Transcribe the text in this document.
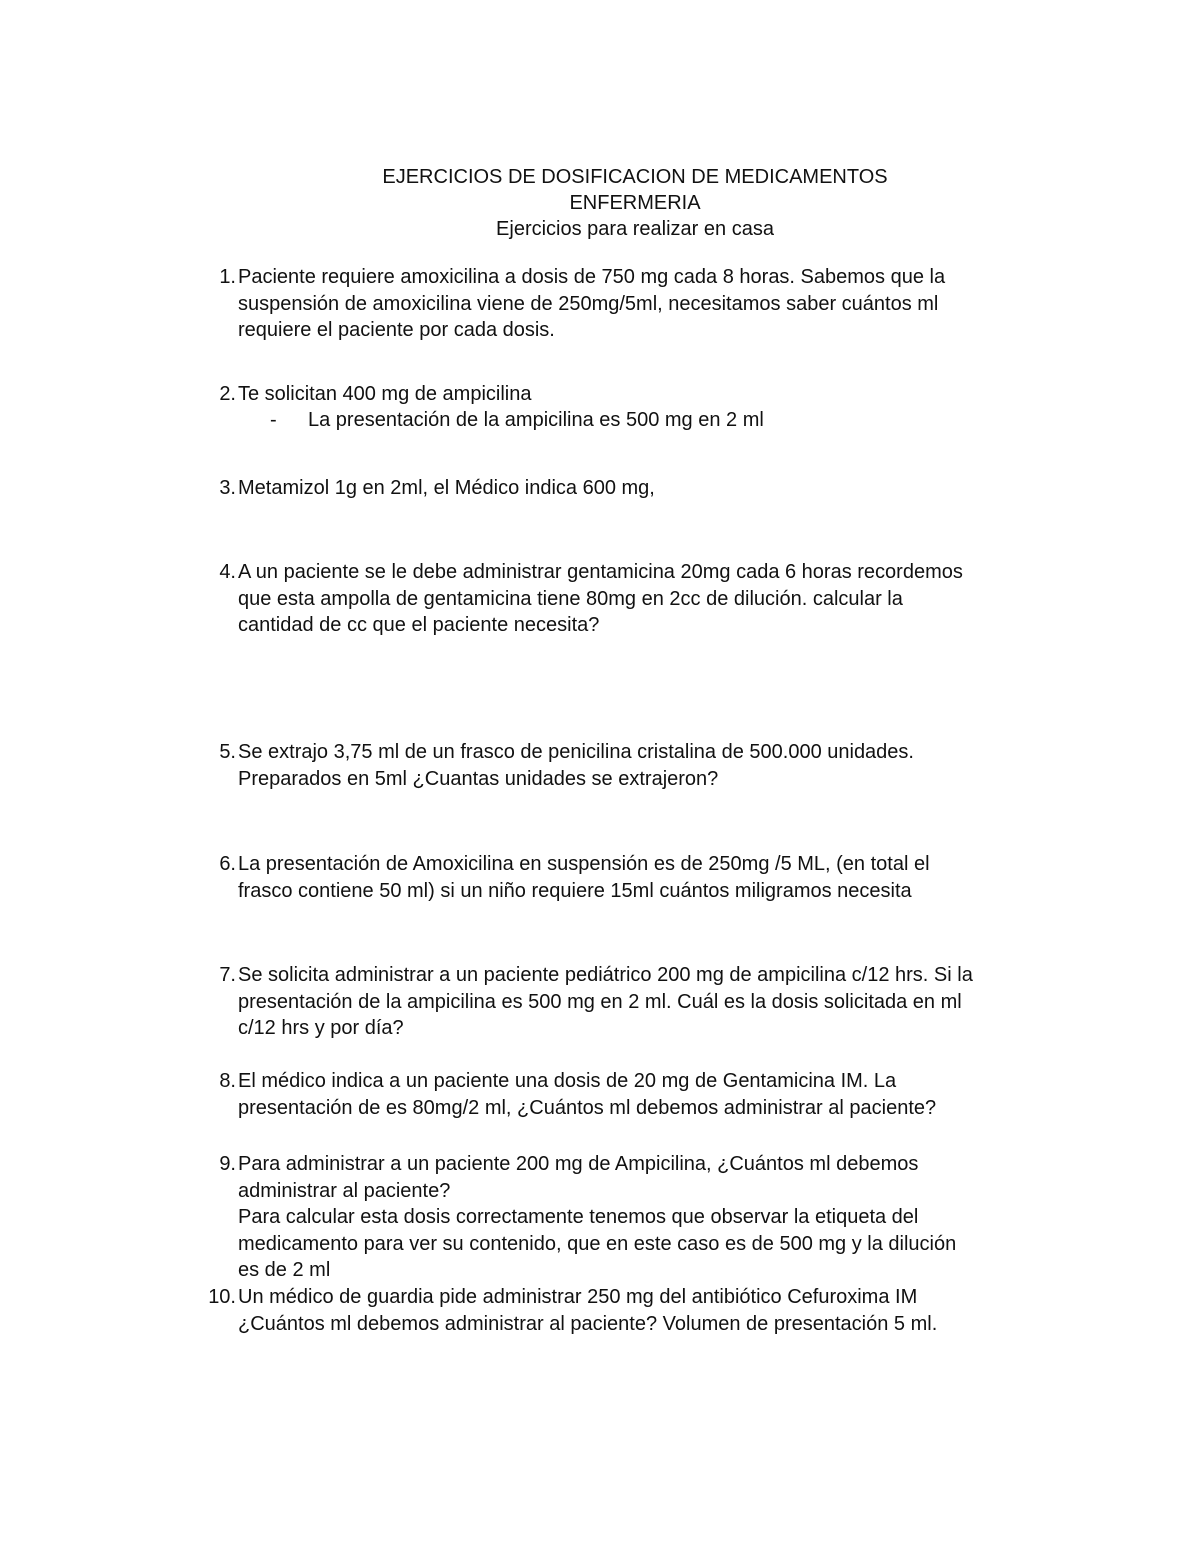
EJERCICIOS DE DOSIFICACION DE MEDICAMENTOS
ENFERMERIA
Ejercicios para realizar en casa
1. Paciente requiere amoxicilina a dosis de 750 mg cada 8 horas. Sabemos que la
suspensión de amoxicilina viene de 250mg/5ml, necesitamos saber cuántos ml
requiere el paciente por cada dosis.
2. Te solicitan 400 mg de ampicilina
- La presentación de la ampicilina es 500 mg en 2 ml
3. Metamizol 1g en 2ml, el Médico indica 600 mg,
4. A un paciente se le debe administrar gentamicina 20mg cada 6 horas recordemos
que esta ampolla de gentamicina tiene 80mg en 2cc de dilución. calcular la
cantidad de cc que el paciente necesita?
5. Se extrajo 3,75 ml de un frasco de penicilina cristalina de 500.000 unidades.
Preparados en 5ml ¿Cuantas unidades se extrajeron?
6. La presentación de Amoxicilina en suspensión es de 250mg /5 ML, (en total el
frasco contiene 50 ml) si un niño requiere 15ml cuántos miligramos necesita
7. Se solicita administrar a un paciente pediátrico 200 mg de ampicilina c/12 hrs. Si la
presentación de la ampicilina es 500 mg en 2 ml. Cuál es la dosis solicitada en ml
c/12 hrs y por día?
8. El médico indica a un paciente una dosis de 20 mg de Gentamicina IM. La
presentación de es 80mg/2 ml, ¿Cuántos ml debemos administrar al paciente?
9. Para administrar a un paciente 200 mg de Ampicilina, ¿Cuántos ml debemos
administrar al paciente?
Para calcular esta dosis correctamente tenemos que observar la etiqueta del
medicamento para ver su contenido, que en este caso es de 500 mg y la dilución
es de 2 ml
10. Un médico de guardia pide administrar 250 mg del antibiótico Cefuroxima IM
¿Cuántos ml debemos administrar al paciente? Volumen de presentación 5 ml.
